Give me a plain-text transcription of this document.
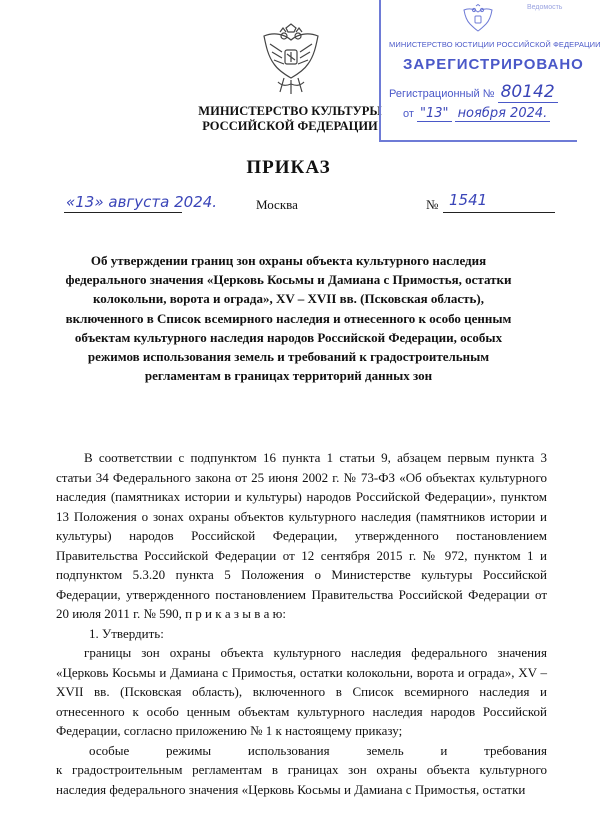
МИНИСТЕРСТВО КУЛЬТУРЫ
РОССИЙСКОЙ ФЕДЕРАЦИИ
Ведомость
МИНИСТЕРСТВО ЮСТИЦИИ РОССИЙСКОЙ ФЕДЕРАЦИИ
ЗАРЕГИСТРИРОВАНО
Регистрационный № 80142
от "13" ноября 2024.
ПРИКАЗ
«13» августа 2024.	Москва	№ 1541
Об утверждении границ зон охраны объекта культурного наследия федерального значения «Церковь Косьмы и Дамиана с Примостья, остатки колокольни, ворота и ограда», XV – XVII вв. (Псковская область), включенного в Список всемирного наследия и отнесенного к особо ценным объектам культурного наследия народов Российской Федерации, особых режимов использования земель и требований к градостроительным регламентам в границах территорий данных зон

В соответствии с подпунктом 16 пункта 1 статьи 9, абзацем первым пункта 3 статьи 34 Федерального закона от 25 июня 2002 г. № 73-ФЗ «Об объектах культурного наследия (памятниках истории и культуры) народов Российской Федерации», пунктом 13 Положения о зонах охраны объектов культурного наследия (памятников истории и культуры) народов Российской Федерации, утвержденного постановлением Правительства Российской Федерации от 12 сентября 2015 г. № 972, пунктом 1 и подпунктом 5.3.20 пункта 5 Положения о Министерстве культуры Российской Федерации, утвержденного постановлением Правительства Российской Федерации от 20 июля 2011 г. № 590, п р и к а з ы в а ю:

1. Утвердить:

границы зон охраны объекта культурного наследия федерального значения «Церковь Косьмы и Дамиана с Примостья, остатки колокольни, ворота и ограда», XV – XVII вв. (Псковская область), включенного в Список всемирного наследия и отнесенного к особо ценным объектам культурного наследия народов Российской Федерации, согласно приложению № 1 к настоящему приказу;

особые режимы использования земель и требования

к градостроительным регламентам в границах зон охраны объекта культурного наследия федерального значения «Церковь Косьмы и Дамиана с Примостья, остатки
